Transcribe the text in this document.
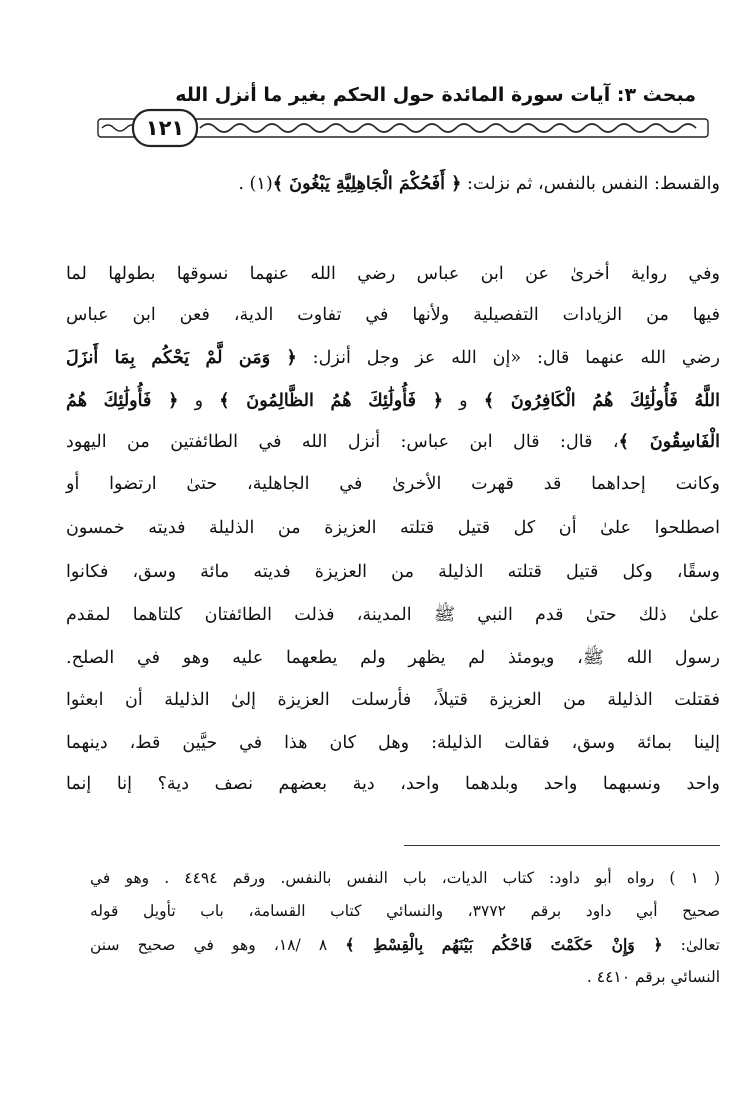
مبحث ٣: آيات سورة المائدة حول الحكم بغير ما أنزل الله
١٢١
والقسط: النفس بالنفس، ثم نزلت: ﴿ أَفَحُكْمَ الْجَاهِلِيَّةِ يَبْغُونَ ﴾(١) .
وفي رواية أخرىٰ عن ابن عباس رضي الله عنهما نسوقها بطولها لما
فيها من الزيادات التفصيلية ولأنها في تفاوت الدية، فعن ابن عباس
رضي الله عنهما قال: «إن الله عز وجل أنزل: ﴿ وَمَن لَّمْ يَحْكُم بِمَا أَنزَلَ
اللَّهُ فَأُولَٰئِكَ هُمُ الْكَافِرُونَ ﴾ و ﴿ فَأُولَٰئِكَ هُمُ الظَّالِمُونَ ﴾ و ﴿ فَأُولَٰئِكَ هُمُ
الْفَاسِقُونَ ﴾، قال: قال ابن عباس: أنزل الله في الطائفتين من اليهود
وكانت إحداهما قد قهرت الأخرىٰ في الجاهلية، حتىٰ ارتضوا أو
اصطلحوا علىٰ أن كل قتيل قتلته العزيزة من الذليلة فديته خمسون
وسقًا، وكل قتيل قتلته الذليلة من العزيزة فديته مائة وسق، فكانوا
علىٰ ذلك حتىٰ قدم النبي ﷺ المدينة، فذلت الطائفتان كلتاهما لمقدم
رسول الله ﷺ، ويومئذ لم يظهر ولم يطعهما عليه وهو في الصلح.
فقتلت الذليلة من العزيزة قتيلاً، فأرسلت العزيزة إلىٰ الذليلة أن ابعثوا
إلينا بمائة وسق، فقالت الذليلة: وهل كان هذا في حيَّين قط، دينهما
واحد ونسبهما واحد وبلدهما واحد، دية بعضهم نصف دية؟ إنا إنما
( ١ ) رواه أبو داود: كتاب الديات، باب النفس بالنفس. ورقم ٤٤٩٤ . وهو في
صحيح أبي داود برقم ٣٧٧٢، والنسائي كتاب القسامة، باب تأويل قوله
تعالىٰ: ﴿ وَإِنْ حَكَمْتَ فَاحْكُم بَيْنَهُم بِالْقِسْطِ ﴾ ٨ /١٨، وهو في صحيح سنن
النسائي برقم ٤٤١٠ .
